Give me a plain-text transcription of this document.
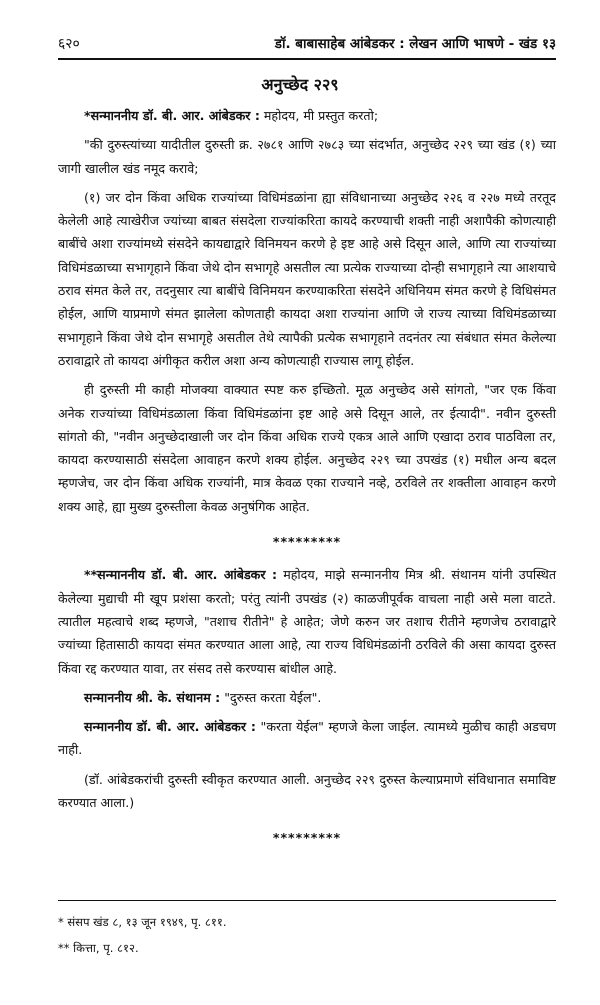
६२०	डॉ. बाबासाहेब आंबेडकर : लेखन आणि भाषणे - खंड १३
अनुच्छेद २२९

*सन्माननीय डॉ. बी. आर. आंबेडकर : महोदय, मी प्रस्तुत करतो;

"की दुरुस्त्यांच्या यादीतील दुरुस्ती क्र. २७८१ आणि २७८३ च्या संदर्भात, अनुच्छेद २२९ च्या खंड (१) च्या जागी खालील खंड नमूद करावे;

(१) जर दोन किंवा अधिक राज्यांच्या विधिमंडळांना ह्या संविधानाच्या अनुच्छेद २२६ व २२७ मध्ये तरतूद केलेली आहे त्याखेरीज ज्यांच्या बाबत संसदेला राज्यांकरिता कायदे करण्याची शक्ती नाही अशापैकी कोणत्याही बाबींचे अशा राज्यांमध्ये संसदेने कायद्याद्वारे विनिमयन करणे हे इष्ट आहे असे दिसून आले, आणि त्या राज्यांच्या विधिमंडळाच्या सभागृहाने किंवा जेथे दोन सभागृहे असतील त्या प्रत्येक राज्याच्या दोन्ही सभागृहाने त्या आशयाचे ठराव संमत केले तर, तदनुसार त्या बाबींचे विनिमयन करण्याकरिता संसदेने अधिनियम संमत करणे हे विधिसंमत होईल, आणि याप्रमाणे संमत झालेला कोणताही कायदा अशा राज्यांना आणि जे राज्य त्याच्या विधिमंडळाच्या सभागृहाने किंवा जेथे दोन सभागृहे असतील तेथे त्यापैकी प्रत्येक सभागृहाने तदनंतर त्या संबंधात संमत केलेल्या ठरावाद्वारे तो कायदा अंगीकृत करील अशा अन्य कोणत्याही राज्यास लागू होईल.

ही दुरुस्ती मी काही मोजक्या वाक्यात स्पष्ट करु इच्छितो. मूळ अनुच्छेद असे सांगतो, "जर एक किंवा अनेक राज्यांच्या विधिमंडळाला किंवा विधिमंडळांना इष्ट आहे असे दिसून आले, तर ईत्यादी". नवीन दुरुस्ती सांगतो की, "नवीन अनुच्छेदाखाली जर दोन किंवा अधिक राज्ये एकत्र आले आणि एखादा ठराव पाठविला तर, कायदा करण्यासाठी संसदेला आवाहन करणे शक्य होईल. अनुच्छेद २२९ च्या उपखंड (१) मधील अन्य बदल म्हणजेच, जर दोन किंवा अधिक राज्यांनी, मात्र केवळ एका राज्याने नव्हे, ठरविले तर शक्तीला आवाहन करणे शक्य आहे, ह्या मुख्य दुरुस्तीला केवळ अनुषंगिक आहेत.

*********

**सन्माननीय डॉ. बी. आर. आंबेडकर : महोदय, माझे सन्माननीय मित्र श्री. संथानम यांनी उपस्थित केलेल्या मुद्याची मी खूप प्रशंसा करतो; परंतु त्यांनी उपखंड (२) काळजीपूर्वक वाचला नाही असे मला वाटते. त्यातील महत्वाचे शब्द म्हणजे, "तशाच रीतीने" हे आहेत; जेणे करुन जर तशाच रीतीने म्हणजेच ठरावाद्वारे ज्यांच्या हितासाठी कायदा संमत करण्यात आला आहे, त्या राज्य विधिमंडळांनी ठरविले की असा कायदा दुरुस्त किंवा रद्द करण्यात यावा, तर संसद तसे करण्यास बांधील आहे.

सन्माननीय श्री. के. संथानम : "दुरुस्त करता येईल".

सन्माननीय डॉ. बी. आर. आंबेडकर : "करता येईल" म्हणजे केला जाईल. त्यामध्ये मुळीच काही अडचण नाही.

(डॉ. आंबेडकरांची दुरुस्ती स्वीकृत करण्यात आली. अनुच्छेद २२९ दुरुस्त केल्याप्रमाणे संविधानात समाविष्ट करण्यात आला.)

*********
* संसप खंड ८, १३ जून १९४९, पृ. ८११.
** कित्ता, पृ. ८१२.
